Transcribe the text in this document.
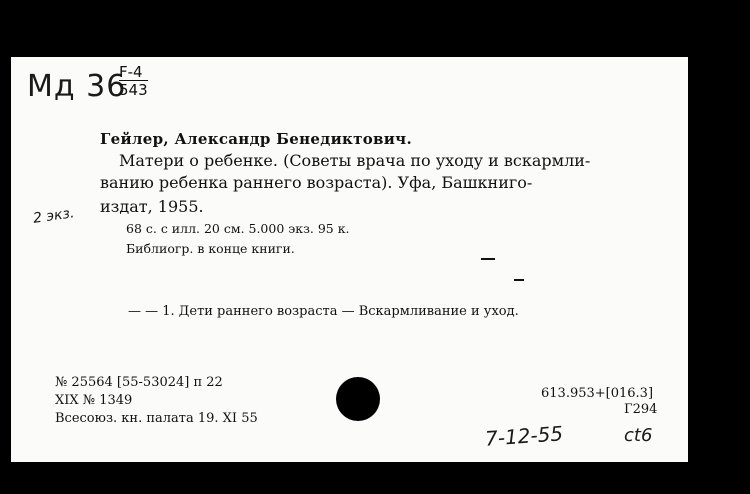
Мд 36
$\frac{F-4}{543}$
Гейлер, Александр Бенедиктович.
Матери о ребенке. (Советы врача по уходу и вскармли-
ванию ребенка раннего возраста). Уфа, Башкниго-
издат, 1955.
2 экз.
68 с. с илл. 20 см. 5.000 экз. 95 к.
Библиогр. в конце книги.
— — 1. Дети раннего возраста — Вскармливание и уход.
№ 25564 [55-53024] п 22
XIX № 1349
Всесоюз. кн. палата 19. XI 55
613.953+[016.3]
Г294
7-12-55	ct6
